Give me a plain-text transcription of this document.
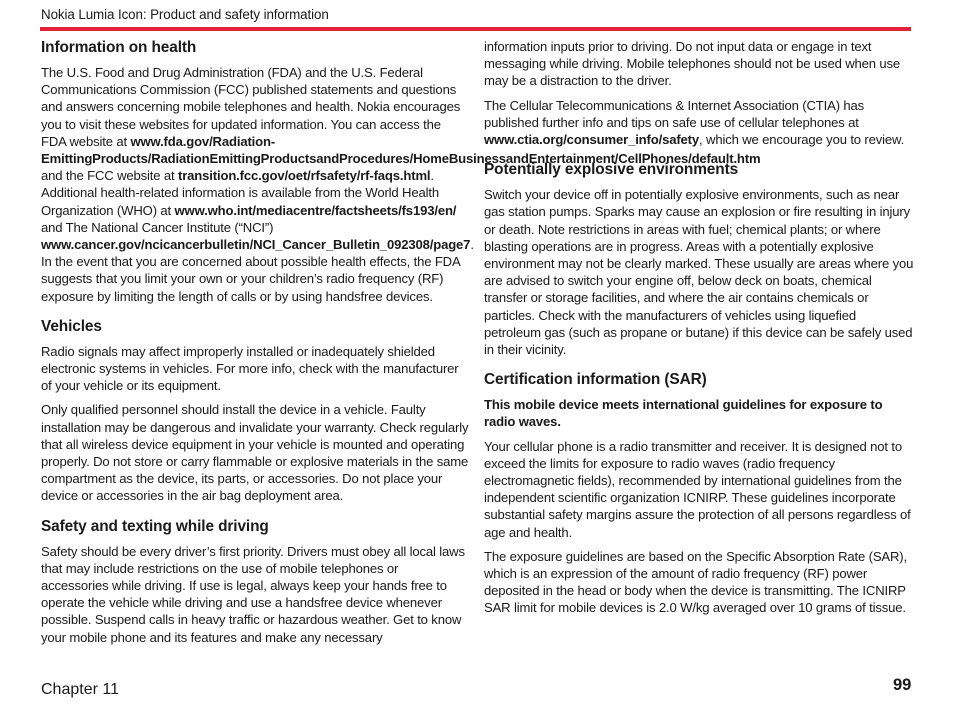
Nokia Lumia Icon: Product and safety information
Information on health

The U.S. Food and Drug Administration (FDA) and the U.S. Federal Communications Commission (FCC) published statements and questions and answers concerning mobile telephones and health. Nokia encourages you to visit these websites for updated information. You can access the FDA website at www.fda.gov/Radiation-EmittingProducts/RadiationEmittingProductsandProcedures/HomeBusinessandEntertainment/CellPhones/default.htm and the FCC website at transition.fcc.gov/oet/rfsafety/rf-faqs.html. Additional health-related information is available from the World Health Organization (WHO) at www.who.int/mediacentre/factsheets/fs193/en/ and The National Cancer Institute (“NCI”) www.cancer.gov/ncicancerbulletin/NCI_Cancer_Bulletin_092308/page7. In the event that you are concerned about possible health effects, the FDA suggests that you limit your own or your children’s radio frequency (RF) exposure by limiting the length of calls or by using handsfree devices.

Vehicles

Radio signals may affect improperly installed or inadequately shielded electronic systems in vehicles. For more info, check with the manufacturer of your vehicle or its equipment.

Only qualified personnel should install the device in a vehicle. Faulty installation may be dangerous and invalidate your warranty. Check regularly that all wireless device equipment in your vehicle is mounted and operating properly. Do not store or carry flammable or explosive materials in the same compartment as the device, its parts, or accessories. Do not place your device or accessories in the air bag deployment area.

Safety and texting while driving

Safety should be every driver’s first priority. Drivers must obey all local laws that may include restrictions on the use of mobile telephones or accessories while driving. If use is legal, always keep your hands free to operate the vehicle while driving and use a handsfree device whenever possible. Suspend calls in heavy traffic or hazardous weather. Get to know your mobile phone and its features and make any necessary

information inputs prior to driving. Do not input data or engage in text messaging while driving. Mobile telephones should not be used when use may be a distraction to the driver.

The Cellular Telecommunications & Internet Association (CTIA) has published further info and tips on safe use of cellular telephones at www.ctia.org/consumer_info/safety, which we encourage you to review.

Potentially explosive environments

Switch your device off in potentially explosive environments, such as near gas station pumps. Sparks may cause an explosion or fire resulting in injury or death. Note restrictions in areas with fuel; chemical plants; or where blasting operations are in progress. Areas with a potentially explosive environment may not be clearly marked. These usually are areas where you are advised to switch your engine off, below deck on boats, chemical transfer or storage facilities, and where the air contains chemicals or particles. Check with the manufacturers of vehicles using liquefied petroleum gas (such as propane or butane) if this device can be safely used in their vicinity.

Certification information (SAR)

This mobile device meets international guidelines for exposure to radio waves.

Your cellular phone is a radio transmitter and receiver. It is designed not to exceed the limits for exposure to radio waves (radio frequency electromagnetic fields), recommended by international guidelines from the independent scientific organization ICNIRP. These guidelines incorporate substantial safety margins assure the protection of all persons regardless of age and health.

The exposure guidelines are based on the Specific Absorption Rate (SAR), which is an expression of the amount of radio frequency (RF) power deposited in the head or body when the device is transmitting. The ICNIRP SAR limit for mobile devices is 2.0 W/kg averaged over 10 grams of tissue.

Chapter 11	99
